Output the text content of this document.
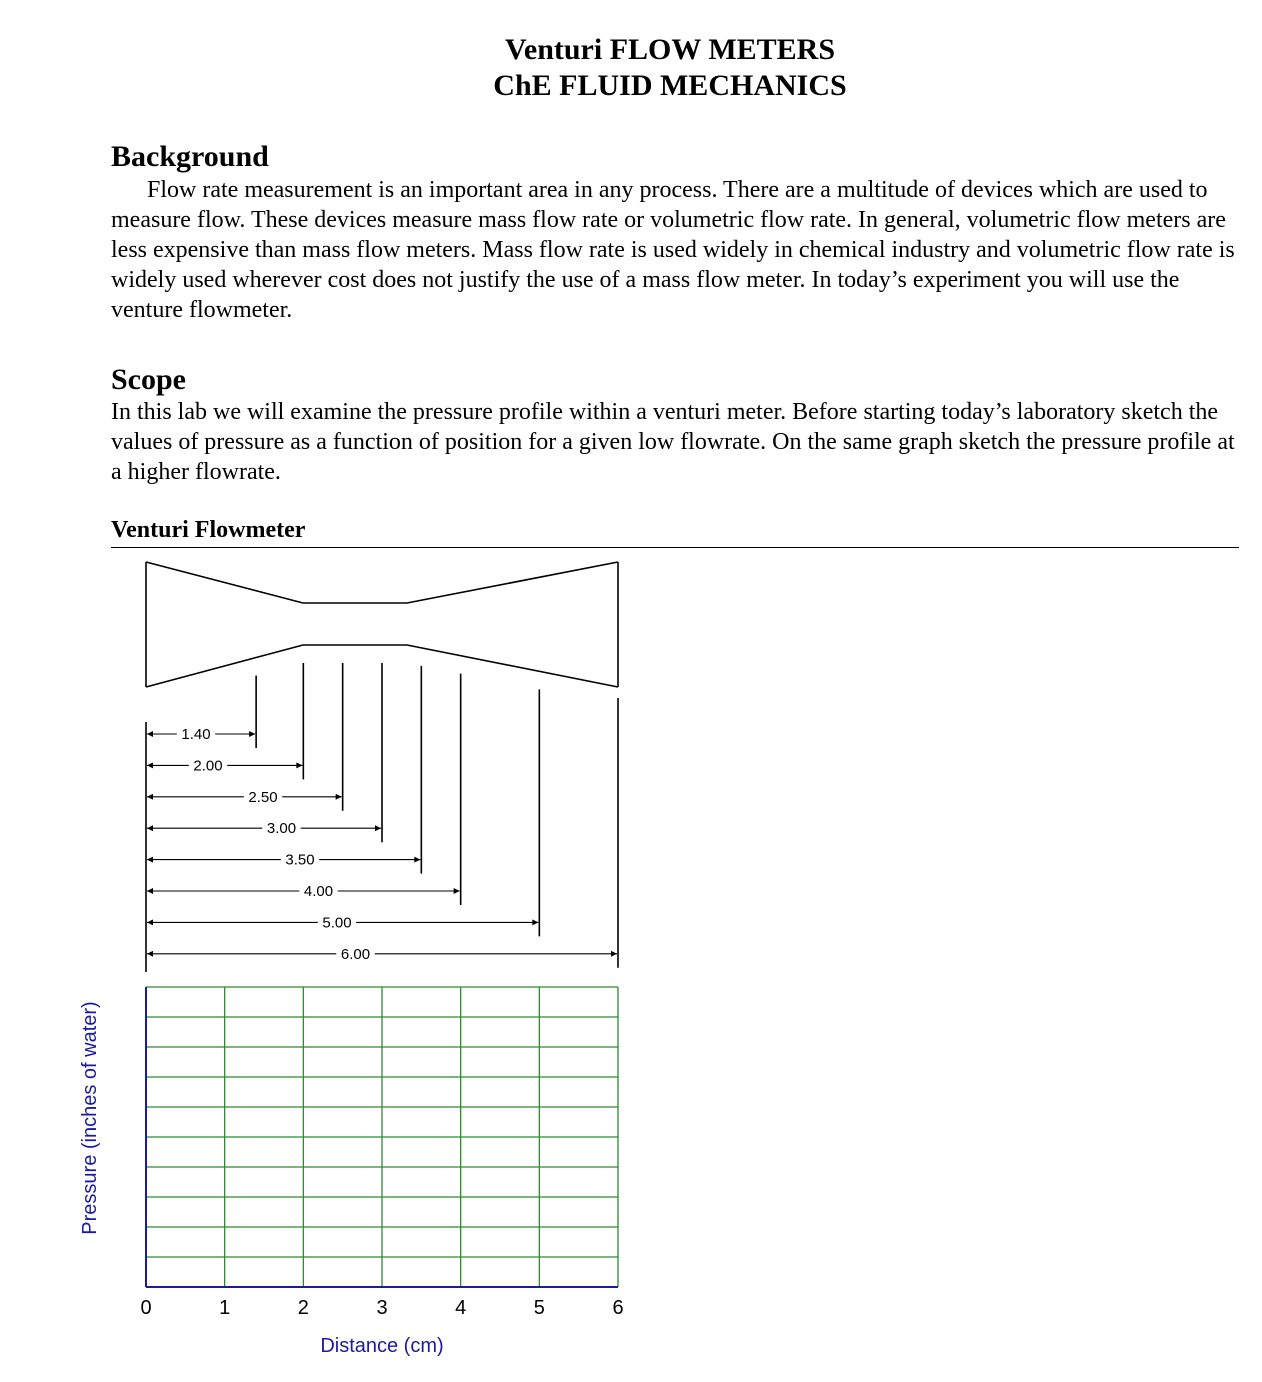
Venturi FLOW METERS
ChE FLUID MECHANICS
Background
Flow rate measurement is an important area in any process. There are a multitude of devices which are used to measure flow. These devices measure mass flow rate or volumetric flow rate. In general, volumetric flow meters are less expensive than mass flow meters. Mass flow rate is used widely in chemical industry and volumetric flow rate is widely used wherever cost does not justify the use of a mass flow meter. In today’s experiment you will use the venture flowmeter.
Scope
In this lab we will examine the pressure profile within a venturi meter. Before starting today’s laboratory sketch the values of pressure as a function of position for a given low flowrate. On the same graph sketch the pressure profile at a higher flowrate.
Venturi Flowmeter
1.40
2.00
2.50
3.00
3.50
4.00
5.00
6.00
0	1	2	3	4	5	6
Distance (cm)
Pressure (inches of water)
